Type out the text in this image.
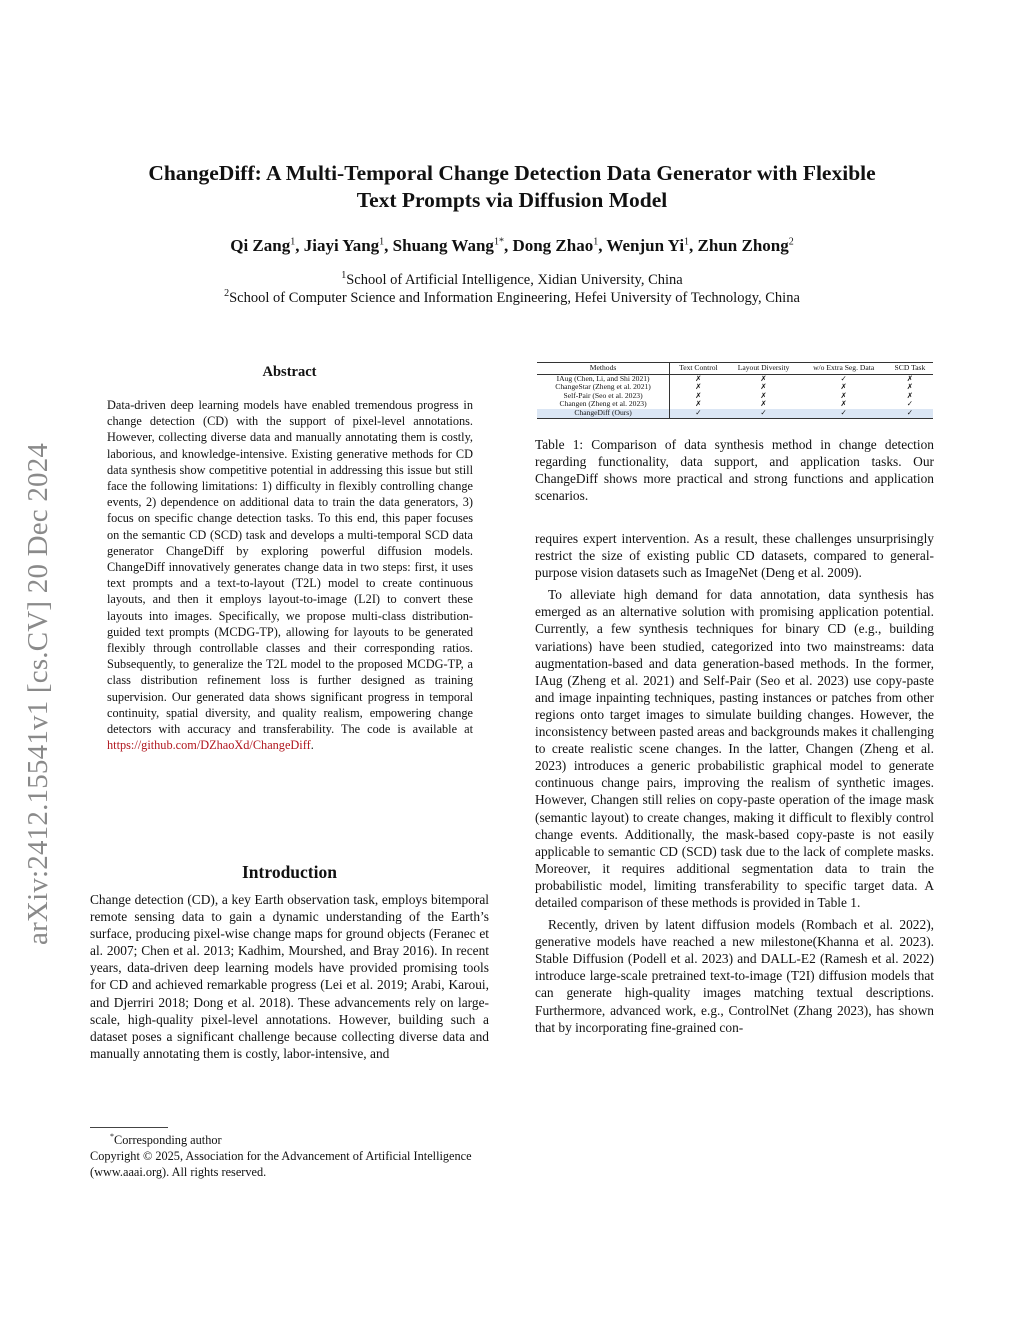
arXiv:2412.15541v1 [cs.CV] 20 Dec 2024
ChangeDiff: A Multi-Temporal Change Detection Data Generator with Flexible
Text Prompts via Diffusion Model
Qi Zang$^1$, Jiayi Yang$^1$, Shuang Wang$^{1*}$, Dong Zhao$^1$, Wenjun Yi$^1$, Zhun Zhong$^2$
$^1$School of Artificial Intelligence, Xidian University, China
$^2$School of Computer Science and Information Engineering, Hefei University of Technology, China
Abstract
Data-driven deep learning models have enabled tremendous progress in change detection (CD) with the support of pixel-level annotations. However, collecting diverse data and manually annotating them is costly, laborious, and knowledge-intensive. Existing generative methods for CD data synthesis show competitive potential in addressing this issue but still face the following limitations: 1) difficulty in flexibly controlling change events, 2) dependence on additional data to train the data generators, 3) focus on specific change detection tasks. To this end, this paper focuses on the semantic CD (SCD) task and develops a multi-temporal SCD data generator ChangeDiff by exploring powerful diffusion models. ChangeDiff innovatively generates change data in two steps: first, it uses text prompts and a text-to-layout (T2L) model to create continuous layouts, and then it employs layout-to-image (L2I) to convert these layouts into images. Specifically, we propose multi-class distribution-guided text prompts (MCDG-TP), allowing for layouts to be generated flexibly through controllable classes and their corresponding ratios. Subsequently, to generalize the T2L model to the proposed MCDG-TP, a class distribution refinement loss is further designed as training supervision. Our generated data shows significant progress in temporal continuity, spatial diversity, and quality realism, empowering change detectors with accuracy and transferability. The code is available at https://github.com/DZhaoXd/ChangeDiff.
Introduction

Change detection (CD), a key Earth observation task, employs bitemporal remote sensing data to gain a dynamic understanding of the Earth’s surface, producing pixel-wise change maps for ground objects (Feranec et al. 2007; Chen et al. 2013; Kadhim, Mourshed, and Bray 2016). In recent years, data-driven deep learning models have provided promising tools for CD and achieved remarkable progress (Lei et al. 2019; Arabi, Karoui, and Djerriri 2018; Dong et al. 2018). These advancements rely on large-scale, high-quality pixel-level annotations. However, building such a dataset poses a significant challenge because collecting diverse data and manually annotating them is costly, labor-intensive, and

*Corresponding author
Copyright © 2025, Association for the Advancement of Artificial Intelligence (www.aaai.org). All rights reserved.
Methods	Text Control	Layout Diversity	w/o Extra Seg. Data	SCD Task
IAug (Chen, Li, and Shi 2021)	✗	✗	✓	✗
ChangeStar (Zheng et al. 2021)	✗	✗	✗	✗
Self-Pair (Seo et al. 2023)	✗	✗	✗	✗
Changen (Zheng et al. 2023)	✗	✗	✗	✓
ChangeDiff (Ours)	✓	✓	✓	✓
Table 1: Comparison of data synthesis method in change detection regarding functionality, data support, and application tasks. Our ChangeDiff shows more practical and strong functions and application scenarios.

requires expert intervention. As a result, these challenges unsurprisingly restrict the size of existing public CD datasets, compared to general-purpose vision datasets such as ImageNet (Deng et al. 2009).

To alleviate high demand for data annotation, data synthesis has emerged as an alternative solution with promising application potential. Currently, a few synthesis techniques for binary CD (e.g., building variations) have been studied, categorized into two mainstreams: data augmentation-based and data generation-based methods. In the former, IAug (Zheng et al. 2021) and Self-Pair (Seo et al. 2023) use copy-paste and image inpainting techniques, pasting instances or patches from other regions onto target images to simulate building changes. However, the inconsistency between pasted areas and backgrounds makes it challenging to create realistic scene changes. In the latter, Changen (Zheng et al. 2023) introduces a generic probabilistic graphical model to generate continuous change pairs, improving the realism of synthetic images. However, Changen still relies on copy-paste operation of the image mask (semantic layout) to create changes, making it difficult to flexibly control change events. Additionally, the mask-based copy-paste is not easily applicable to semantic CD (SCD) task due to the lack of complete masks. Moreover, it requires additional segmentation data to train the probabilistic model, limiting transferability to specific target data. A detailed comparison of these methods is provided in Table 1.

Recently, driven by latent diffusion models (Rombach et al. 2022), generative models have reached a new milestone(Khanna et al. 2023). Stable Diffusion (Podell et al. 2023) and DALL-E2 (Ramesh et al. 2022) introduce large-scale pretrained text-to-image (T2I) diffusion models that can generate high-quality images matching textual descriptions. Furthermore, advanced work, e.g., ControlNet (Zhang 2023), has shown that by incorporating fine-grained con-
